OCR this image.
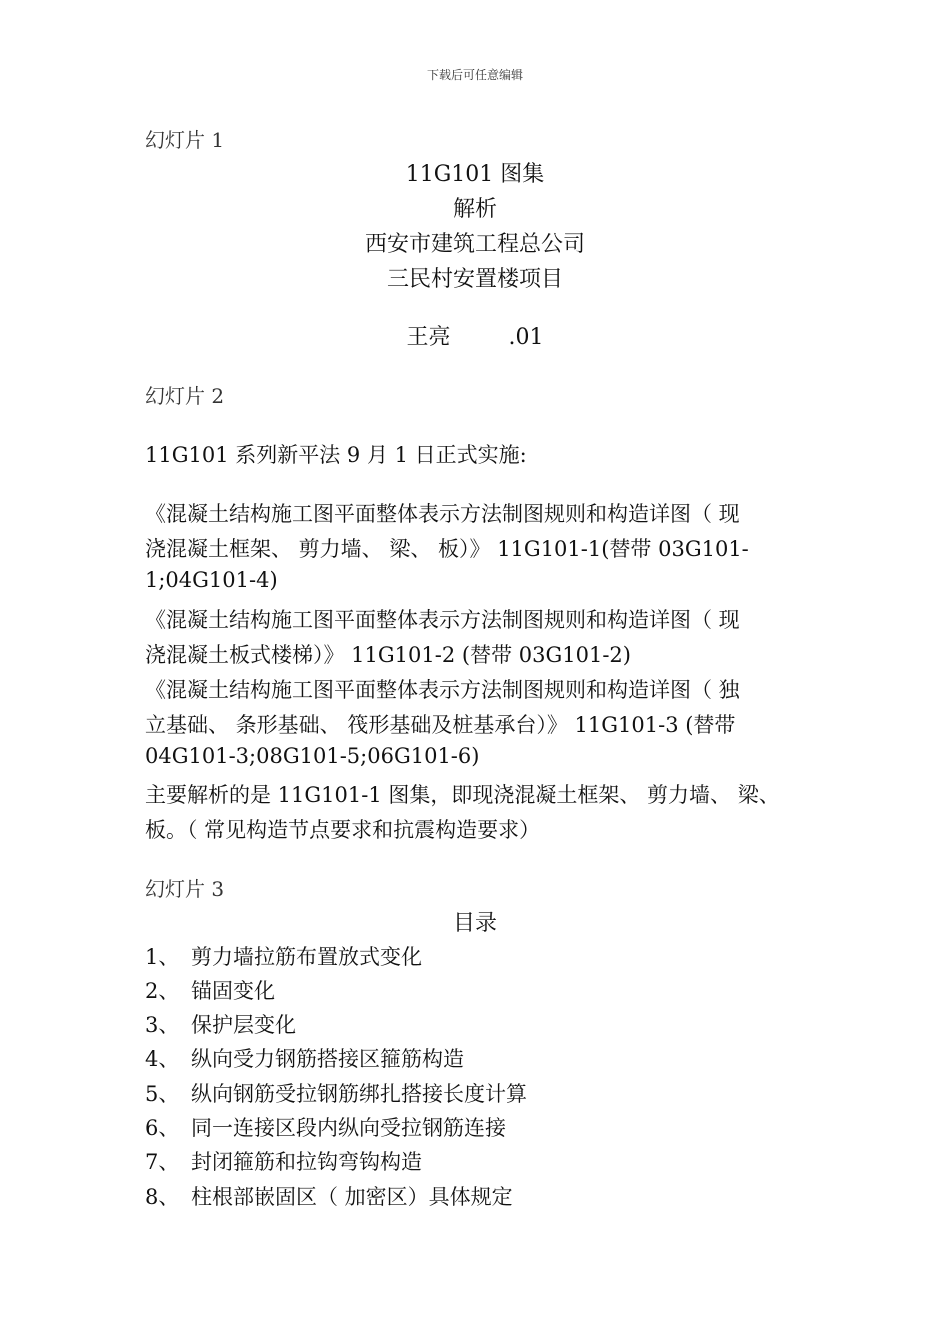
下载后可任意编辑
幻灯片 1
11G101 图集
解析
西安市建筑工程总公司
三民村安置楼项目
王亮	.01
幻灯片 2
11G101 系列新平法 9 月 1 日正式实施:
《混凝土结构施工图平面整体表示方法制图规则和构造详图（ 现
浇混凝土框架、 剪力墙、 梁、 板）》 11G101-1(替带 03G101-
1;04G101-4)
《混凝土结构施工图平面整体表示方法制图规则和构造详图（ 现
浇混凝土板式楼梯）》 11G101-2 (替带 03G101-2)
《混凝土结构施工图平面整体表示方法制图规则和构造详图（ 独
立基础、 条形基础、 筏形基础及桩基承台）》 11G101-3 (替带
04G101-3;08G101-5;06G101-6)
主要解析的是 11G101-1 图集，即现浇混凝土框架、 剪力墙、 梁、
板。（ 常见构造节点要求和抗震构造要求）
幻灯片 3
目录
1、 剪力墙拉筋布置放式变化
2、 锚固变化
3、 保护层变化
4、 纵向受力钢筋搭接区箍筋构造
5、 纵向钢筋受拉钢筋绑扎搭接长度计算
6、 同一连接区段内纵向受拉钢筋连接
7、 封闭箍筋和拉钩弯钩构造
8、 柱根部嵌固区（ 加密区）具体规定
